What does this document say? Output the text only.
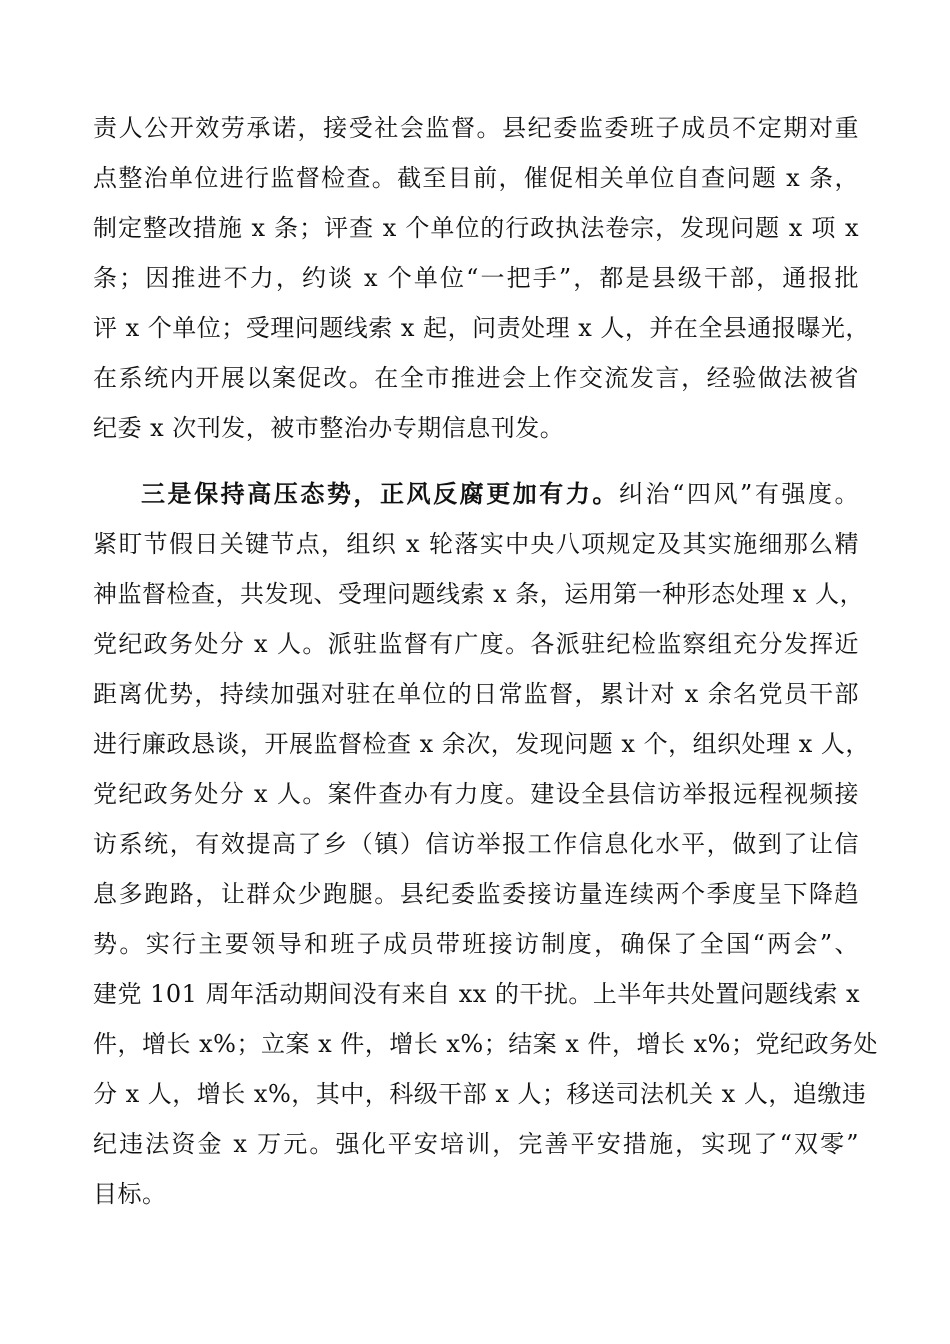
责人公开效劳承诺，接受社会监督。县纪委监委班子成员不定期对重
点整治单位进行监督检查。截至目前，催促相关单位自查问题 x 条，
制定整改措施 x 条；评查 x 个单位的行政执法卷宗，发现问题 x 项 x
条；因推进不力，约谈 x 个单位“一把手”，都是县级干部，通报批
评 x 个单位；受理问题线索 x 起，问责处理 x 人，并在全县通报曝光，
在系统内开展以案促改。在全市推进会上作交流发言，经验做法被省
纪委 x 次刊发，被市整治办专期信息刊发。
三是保持高压态势，正风反腐更加有力。纠治“四风”有强度。
紧盯节假日关键节点，组织 x 轮落实中央八项规定及其实施细那么精
神监督检查，共发现、受理问题线索 x 条，运用第一种形态处理 x 人，
党纪政务处分 x 人。派驻监督有广度。各派驻纪检监察组充分发挥近
距离优势，持续加强对驻在单位的日常监督，累计对 x 余名党员干部
进行廉政恳谈，开展监督检查 x 余次，发现问题 x 个，组织处理 x 人，
党纪政务处分 x 人。案件查办有力度。建设全县信访举报远程视频接
访系统，有效提高了乡（镇）信访举报工作信息化水平，做到了让信
息多跑路，让群众少跑腿。县纪委监委接访量连续两个季度呈下降趋
势。实行主要领导和班子成员带班接访制度，确保了全国“两会”、
建党 101 周年活动期间没有来自 xx 的干扰。上半年共处置问题线索 x
件，增长 x%；立案 x 件，增长 x%；结案 x 件，增长 x%；党纪政务处
分 x 人，增长 x%，其中，科级干部 x 人；移送司法机关 x 人，追缴违
纪违法资金 x 万元。强化平安培训，完善平安措施，实现了“双零”
目标。
